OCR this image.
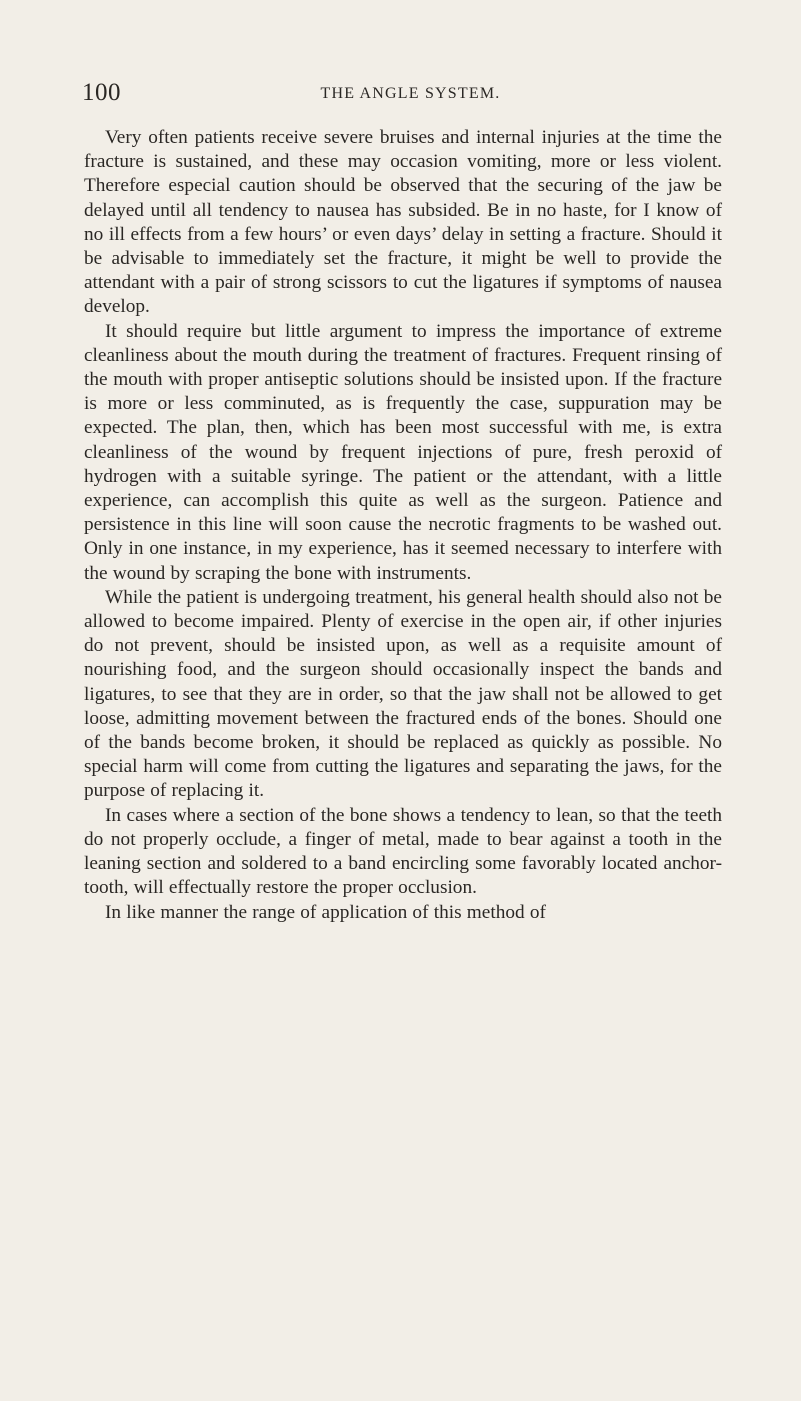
100	THE ANGLE SYSTEM.

Very often patients receive severe bruises and internal injuries at the time the fracture is sustained, and these may occasion vomiting, more or less violent. Therefore especial caution should be observed that the securing of the jaw be delayed until all tendency to nausea has subsided. Be in no haste, for I know of no ill effects from a few hours’ or even days’ delay in setting a fracture. Should it be advisable to immediately set the fracture, it might be well to provide the attendant with a pair of strong scissors to cut the ligatures if symptoms of nausea develop.

It should require but little argument to impress the importance of extreme cleanliness about the mouth during the treatment of fractures. Frequent rinsing of the mouth with proper antiseptic solutions should be insisted upon. If the fracture is more or less comminuted, as is frequently the case, suppuration may be expected. The plan, then, which has been most successful with me, is extra cleanliness of the wound by frequent injections of pure, fresh peroxid of hydrogen with a suitable syringe. The patient or the attendant, with a little experience, can accomplish this quite as well as the surgeon. Patience and persistence in this line will soon cause the necrotic fragments to be washed out. Only in one instance, in my experience, has it seemed necessary to interfere with the wound by scraping the bone with instruments.

While the patient is undergoing treatment, his general health should also not be allowed to become impaired. Plenty of exercise in the open air, if other injuries do not prevent, should be insisted upon, as well as a requisite amount of nourishing food, and the surgeon should occasionally inspect the bands and ligatures, to see that they are in order, so that the jaw shall not be allowed to get loose, admitting movement between the fractured ends of the bones. Should one of the bands become broken, it should be replaced as quickly as possible. No special harm will come from cutting the ligatures and separating the jaws, for the purpose of replacing it.

In cases where a section of the bone shows a tendency to lean, so that the teeth do not properly occlude, a finger of metal, made to bear against a tooth in the leaning section and soldered to a band encircling some favorably located anchor-tooth, will effectually restore the proper occlusion.

In like manner the range of application of this method of
